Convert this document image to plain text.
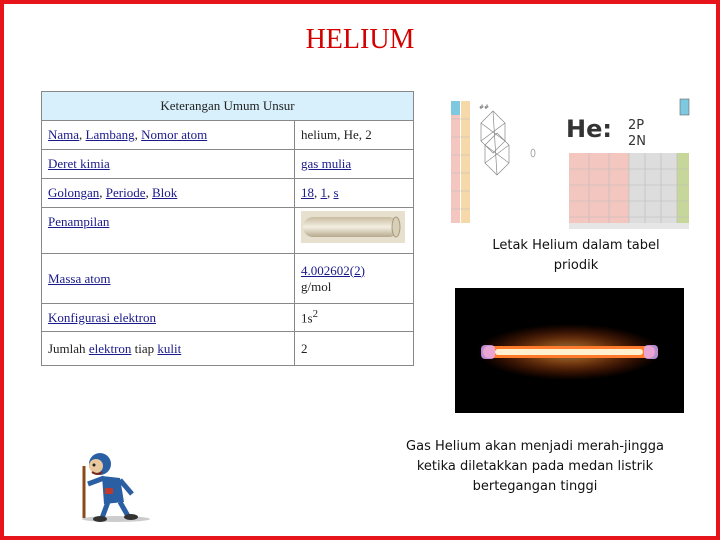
HELIUM
Keterangan Umum Unsur	
Nama, Lambang, Nomor atom	helium, He, 2
Deret kimia	gas mulia
Golongan, Periode, Blok	18, 1, s
Penampilan	
Massa atom	4.002602(2)
g/mol
Konfigurasi elektron	$1s^2$
Jumlah elektron tiap kulit	2
##
He: 2P
2N
Letak Helium dalam tabel priodik
Gas Helium akan menjadi merah-jingga ketika diletakkan pada medan listrik bertegangan tinggi
